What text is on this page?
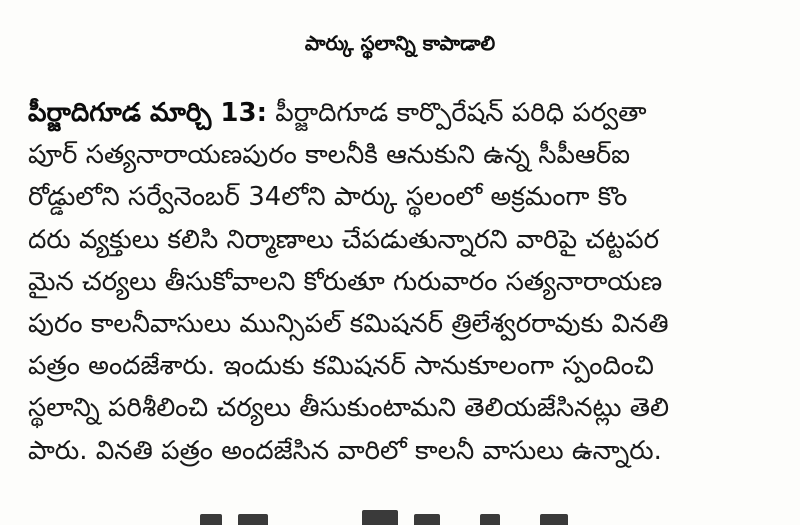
పార్కు స్థలాన్ని కాపాడాలి
పీర్జాదిగూడ మార్చి 13: పీర్జాదిగూడ కార్పొరేషన్ పరిధి పర్వతా
పూర్ సత్యనారాయణపురం కాలనీకి ఆనుకుని ఉన్న సీపీఆర్ఐ
రోడ్డులోని సర్వేనెంబర్ 34లోని పార్కు స్థలంలో అక్రమంగా కొం
దరు వ్యక్తులు కలిసి నిర్మాణాలు చేపడుతున్నారని వారిపై చట్టపర
మైన చర్యలు తీసుకోవాలని కోరుతూ గురువారం సత్యనారాయణ
పురం కాలనీవాసులు మున్సిపల్ కమిషనర్ త్రిలేశ్వరరావుకు వినతి
పత్రం అందజేశారు. ఇందుకు కమిషనర్ సానుకూలంగా స్పందించి
స్థలాన్ని పరిశీలించి చర్యలు తీసుకుంటామని తెలియజేసినట్లు తెలి
పారు. వినతి పత్రం అందజేసిన వారిలో కాలనీ వాసులు ఉన్నారు.
